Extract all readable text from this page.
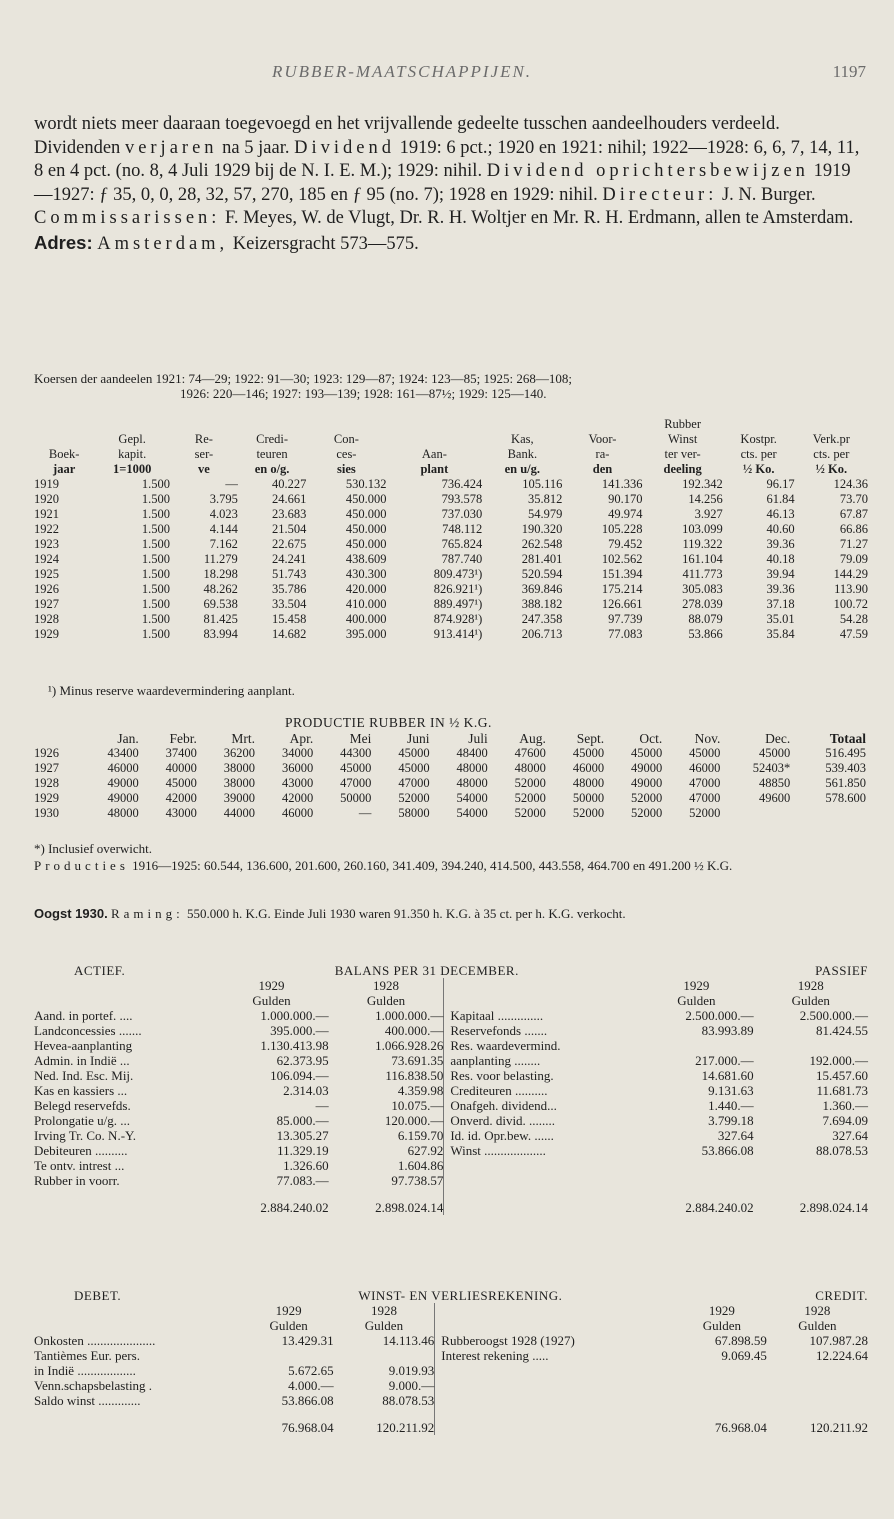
RUBBER-MAATSCHAPPIJEN.	1197

wordt niets meer daaraan toegevoegd en het vrijvallende gedeelte tusschen aandeelhouders verdeeld. Dividenden verjaren na 5 jaar. Dividend 1919: 6 pct.; 1920 en 1921: nihil; 1922—1928: 6, 6, 7, 14, 11, 8 en 4 pct. (no. 8, 4 Juli 1929 bij de N. I. E. M.); 1929: nihil. Dividend oprichtersbewijzen 1919—1927: ƒ 35, 0, 0, 28, 32, 57, 270, 185 en ƒ 95 (no. 7); 1928 en 1929: nihil. Directeur: J. N. Burger. Commissarissen: F. Meyes, W. de Vlugt, Dr. R. H. Woltjer en Mr. R. H. Erdmann, allen te Amsterdam.

Adres: Amsterdam, Keizersgracht 573—575.

Koersen der aandeelen 1921: 74—29; 1922: 91—30; 1923: 129—87; 1924: 123—85; 1925: 268—108;
1926: 220—146; 1927: 193—139; 1928: 161—87½; 1929: 125—140.
								Rubber		
	Gepl.	Re-	Credi-	Con-		Kas,	Voor-	Winst	Kostpr.	Verk.pr
Boek-	kapit.	ser-	teuren	ces-	Aan-	Bank.	ra-	ter ver-	cts. per	cts. per
jaar	1=1000	ve	en o/g.	sies	plant	en u/g.	den	deeling	½ Ko.	½ Ko.
1919	1.500	—	40.227	530.132	736.424	105.116	141.336	192.342	96.17	124.36
1920	1.500	3.795	24.661	450.000	793.578	35.812	90.170	14.256	61.84	73.70
1921	1.500	4.023	23.683	450.000	737.030	54.979	49.974	3.927	46.13	67.87
1922	1.500	4.144	21.504	450.000	748.112	190.320	105.228	103.099	40.60	66.86
1923	1.500	7.162	22.675	450.000	765.824	262.548	79.452	119.322	39.36	71.27
1924	1.500	11.279	24.241	438.609	787.740	281.401	102.562	161.104	40.18	79.09
1925	1.500	18.298	51.743	430.300	809.473¹)	520.594	151.394	411.773	39.94	144.29
1926	1.500	48.262	35.786	420.000	826.921¹)	369.846	175.214	305.083	39.36	113.90
1927	1.500	69.538	33.504	410.000	889.497¹)	388.182	126.661	278.039	37.18	100.72
1928	1.500	81.425	15.458	400.000	874.928¹)	247.358	97.739	88.079	35.01	54.28
1929	1.500	83.994	14.682	395.000	913.414¹)	206.713	77.083	53.866	35.84	47.59
¹) Minus reserve waardevermindering aanplant.
PRODUCTIE RUBBER IN ½ K.G.
	Jan.	Febr.	Mrt.	Apr.	Mei	Juni	Juli	Aug.	Sept.	Oct.	Nov.	Dec.	Totaal
1926	43400	37400	36200	34000	44300	45000	48400	47600	45000	45000	45000	45000	516.495
1927	46000	40000	38000	36000	45000	45000	48000	48000	46000	49000	46000	52403*	539.403
1928	49000	45000	38000	43000	47000	47000	48000	52000	48000	49000	47000	48850	561.850
1929	49000	42000	39000	42000	50000	52000	54000	52000	50000	52000	47000	49600	578.600
1930	48000	43000	44000	46000	—	58000	54000	52000	52000	52000	52000		
*) Inclusief overwicht.
Producties 1916—1925: 60.544, 136.600, 201.600, 260.160, 341.409, 394.240, 414.500, 443.558, 464.700 en 491.200 ½ K.G.
Oogst 1930. Raming: 550.000 h. K.G. Einde Juli 1930 waren 91.350 h. K.G. à 35 ct. per h. K.G. verkocht.
ACTIEF.	BALANS PER 31 DECEMBER.			PASSIEF	
	1929	1928		1929	1928
	Gulden	Gulden		Gulden	Gulden
Aand. in portef. ....	1.000.000.—	1.000.000.—	Kapitaal ..............	2.500.000.—	2.500.000.—
Landconcessies .......	395.000.—	400.000.—	Reservefonds .......	83.993.89	81.424.55
Hevea-aanplanting	1.130.413.98	1.066.928.26	Res. waardevermind.		
Admin. in Indië ...	62.373.95	73.691.35	aanplanting ........	217.000.—	192.000.—
Ned. Ind. Esc. Mij.	106.094.—	116.838.50	Res. voor belasting.	14.681.60	15.457.60
Kas en kassiers ...	2.314.03	4.359.98	Crediteuren ..........	9.131.63	11.681.73
Belegd reservefds.	—	10.075.—	Onafgeh. dividend...	1.440.—	1.360.—
Prolongatie u/g. ...	85.000.—	120.000.—	Onverd. divid. ........	3.799.18	7.694.09
Irving Tr. Co. N.-Y.	13.305.27	6.159.70	Id. id. Opr.bew. ......	327.64	327.64
Debiteuren ..........	11.329.19	627.92	Winst ...................	53.866.08	88.078.53
Te ontv. intrest ...	1.326.60	1.604.86			
Rubber in voorr.	77.083.—	97.738.57			
	2.884.240.02	2.898.024.14		2.884.240.02	2.898.024.14
DEBET.	WINST- EN VERLIESREKENING.			CREDIT.	
	1929	1928		1929	1928
	Gulden	Gulden		Gulden	Gulden
Onkosten .....................	13.429.31	14.113.46	Rubberoogst 1928 (1927)	67.898.59	107.987.28
Tantièmes Eur. pers.			Interest rekening .....	9.069.45	12.224.64
in Indië ..................	5.672.65	9.019.93			
Venn.schapsbelasting .	4.000.—	9.000.—			
Saldo winst .............	53.866.08	88.078.53			
	76.968.04	120.211.92		76.968.04	120.211.92
